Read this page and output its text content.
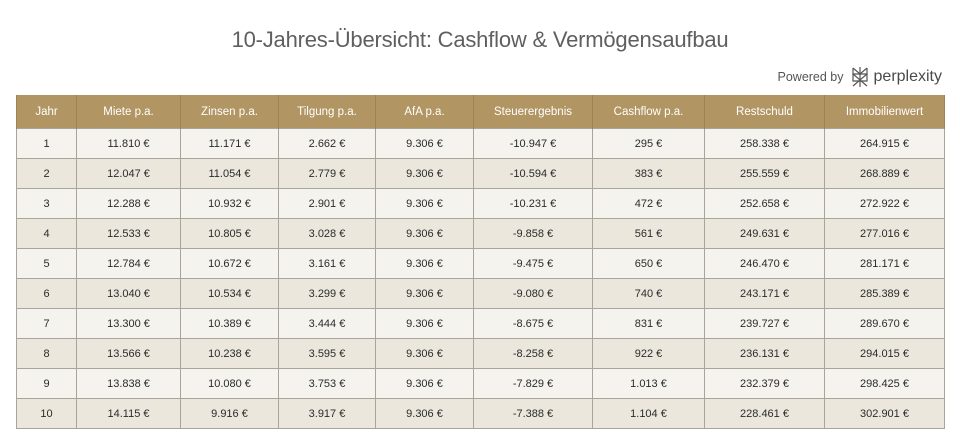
10-Jahres-Übersicht: Cashflow & Vermögensaufbau
Powered by perplexity
Jahr	Miete p.a.	Zinsen p.a.	Tilgung p.a.	AfA p.a.	Steuerergebnis	Cashflow p.a.	Restschuld	Immobilienwert
1	11.810 €	11.171 €	2.662 €	9.306 €	-10.947 €	295 €	258.338 €	264.915 €
2	12.047 €	11.054 €	2.779 €	9.306 €	-10.594 €	383 €	255.559 €	268.889 €
3	12.288 €	10.932 €	2.901 €	9.306 €	-10.231 €	472 €	252.658 €	272.922 €
4	12.533 €	10.805 €	3.028 €	9.306 €	-9.858 €	561 €	249.631 €	277.016 €
5	12.784 €	10.672 €	3.161 €	9.306 €	-9.475 €	650 €	246.470 €	281.171 €
6	13.040 €	10.534 €	3.299 €	9.306 €	-9.080 €	740 €	243.171 €	285.389 €
7	13.300 €	10.389 €	3.444 €	9.306 €	-8.675 €	831 €	239.727 €	289.670 €
8	13.566 €	10.238 €	3.595 €	9.306 €	-8.258 €	922 €	236.131 €	294.015 €
9	13.838 €	10.080 €	3.753 €	9.306 €	-7.829 €	1.013 €	232.379 €	298.425 €
10	14.115 €	9.916 €	3.917 €	9.306 €	-7.388 €	1.104 €	228.461 €	302.901 €
